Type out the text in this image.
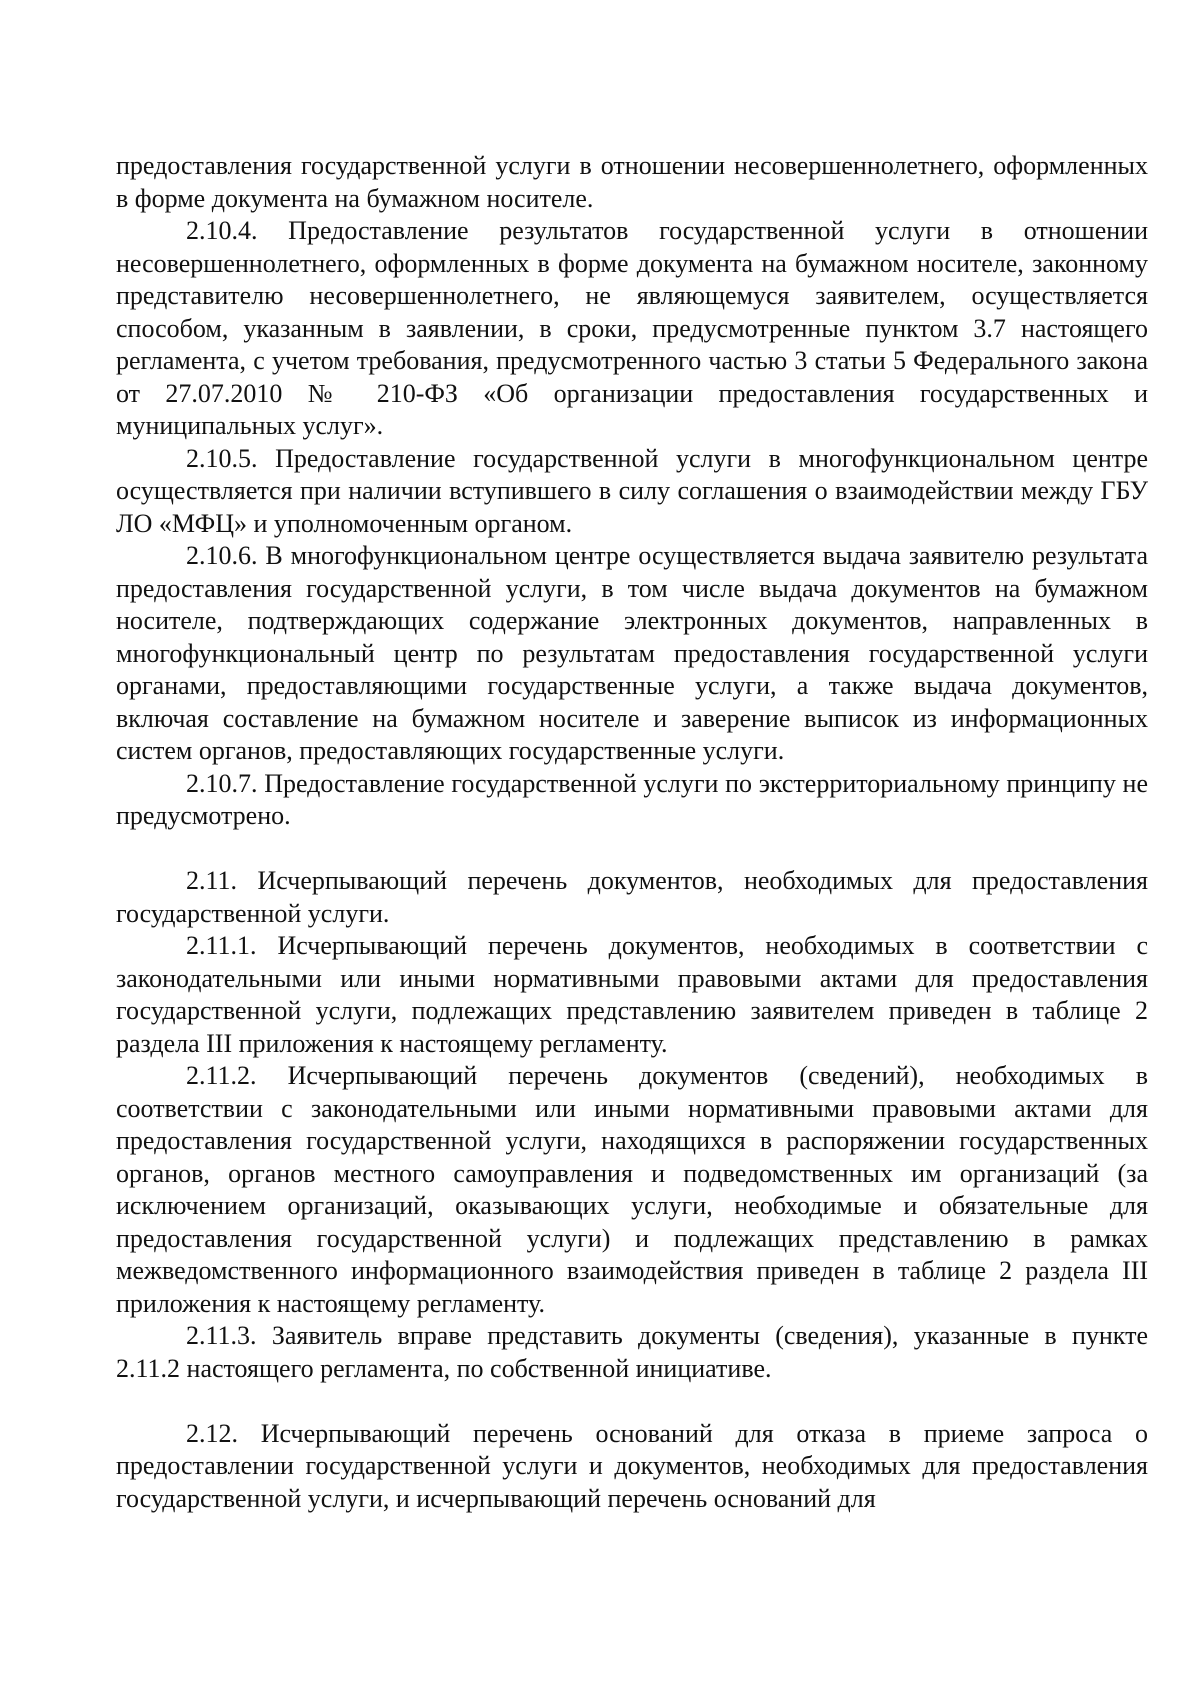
предоставления государственной услуги в отношении несовершеннолетнего, оформленных в форме документа на бумажном носителе.

2.10.4. Предоставление результатов государственной услуги в отношении несовершеннолетнего, оформленных в форме документа на бумажном носителе, законному представителю несовершеннолетнего, не являющемуся заявителем, осуществляется способом, указанным в заявлении, в сроки, предусмотренные пунктом 3.7 настоящего регламента, с учетом требования, предусмотренного частью 3 статьи 5 Федерального закона от 27.07.2010 № 210-ФЗ «Об организации предоставления государственных и муниципальных услуг».

2.10.5. Предоставление государственной услуги в многофункциональном центре осуществляется при наличии вступившего в силу соглашения о взаимодействии между ГБУ ЛО «МФЦ» и уполномоченным органом.

2.10.6. В многофункциональном центре осуществляется выдача заявителю результата предоставления государственной услуги, в том числе выдача документов на бумажном носителе, подтверждающих содержание электронных документов, направленных в многофункциональный центр по результатам предоставления государственной услуги органами, предоставляющими государственные услуги, а также выдача документов, включая составление на бумажном носителе и заверение выписок из информационных систем органов, предоставляющих государственные услуги.

2.10.7. Предоставление государственной услуги по экстерриториальному принципу не предусмотрено.

2.11. Исчерпывающий перечень документов, необходимых для предоставления государственной услуги.

2.11.1. Исчерпывающий перечень документов, необходимых в соответствии с законодательными или иными нормативными правовыми актами для предоставления государственной услуги, подлежащих представлению заявителем приведен в таблице 2 раздела III приложения к настоящему регламенту.

2.11.2. Исчерпывающий перечень документов (сведений), необходимых в соответствии с законодательными или иными нормативными правовыми актами для предоставления государственной услуги, находящихся в распоряжении государственных органов, органов местного самоуправления и подведомственных им организаций (за исключением организаций, оказывающих услуги, необходимые и обязательные для предоставления государственной услуги) и подлежащих представлению в рамках межведомственного информационного взаимодействия приведен в таблице 2 раздела III приложения к настоящему регламенту.

2.11.3. Заявитель вправе представить документы (сведения), указанные в пункте 2.11.2 настоящего регламента, по собственной инициативе.

2.12. Исчерпывающий перечень оснований для отказа в приеме запроса о предоставлении государственной услуги и документов, необходимых для предоставления государственной услуги, и исчерпывающий перечень оснований для
